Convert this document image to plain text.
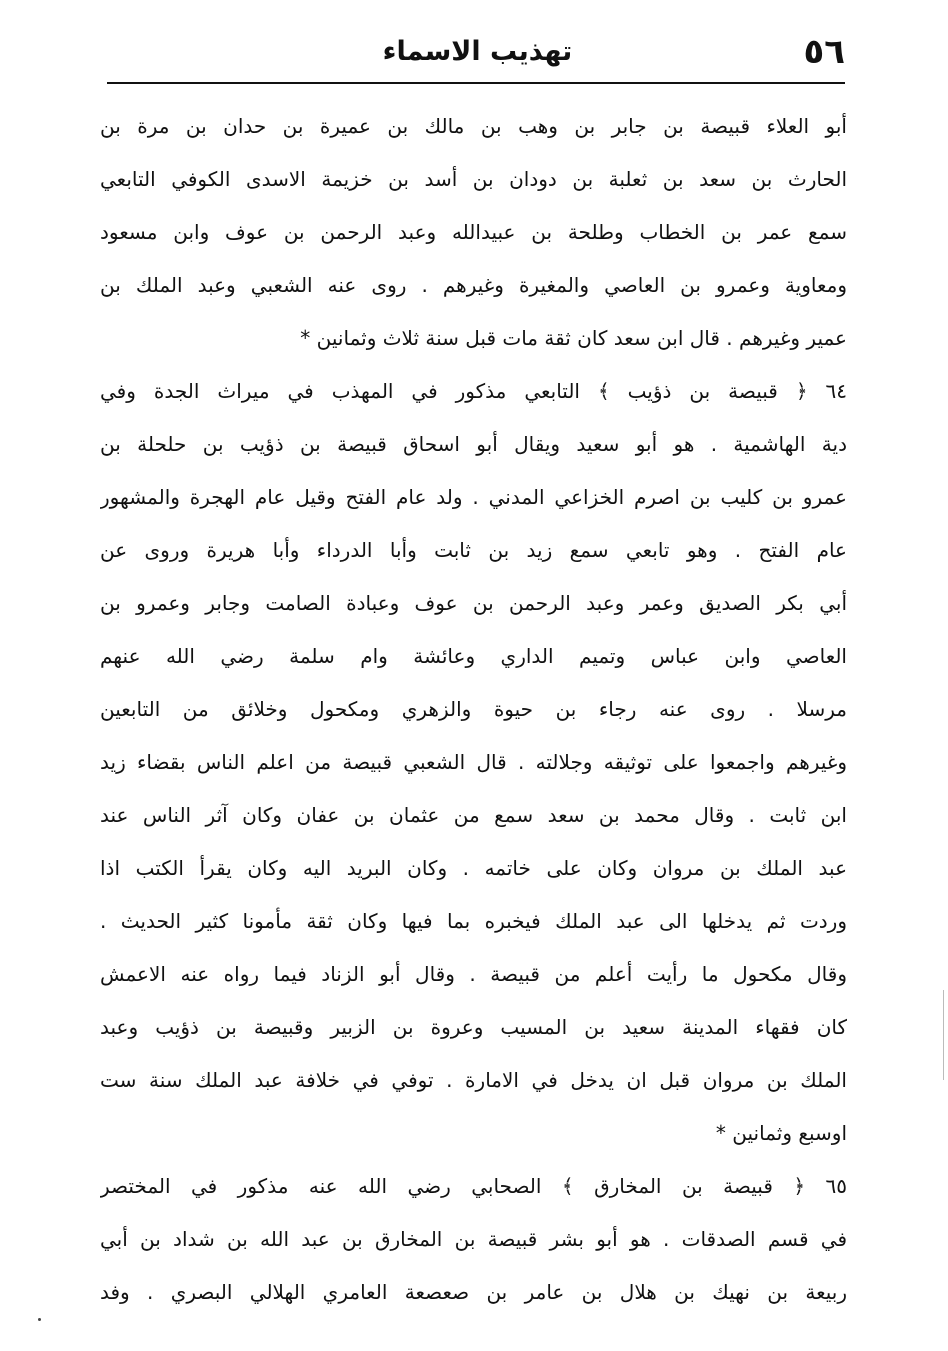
٥٦
تهذيب الاسماء
أبو العلاء قبيصة بن جابر بن وهب بن مالك بن عميرة بن حدان بن مرة بن
الحارث بن سعد بن ثعلبة بن دودان بن أسد بن خزيمة الاسدى الكوفي التابعي
سمع عمر بن الخطاب وطلحة بن عبيدالله وعبد الرحمن بن عوف وابن مسعود
ومعاوية وعمرو بن العاصي والمغيرة وغيرهم . روى عنه الشعبي وعبد الملك بن
عمير وغيرهم . قال ابن سعد كان ثقة مات قبل سنة ثلاث وثمانين *
٦٤ ﴿ قبيصة بن ذؤيب ﴾ التابعي مذكور في المهذب في ميراث الجدة وفي
دية الهاشمية . هو أبو سعيد ويقال أبو اسحاق قبيصة بن ذؤيب بن حلحلة بن
عمرو بن كليب بن اصرم الخزاعي المدني . ولد عام الفتح وقيل عام الهجرة والمشهور
عام الفتح . وهو تابعي سمع زيد بن ثابت وأبا الدرداء وأبا هريرة وروى عن
أبي بكر الصديق وعمر وعبد الرحمن بن عوف وعبادة الصامت وجابر وعمرو بن
العاصي وابن عباس وتميم الداري وعائشة وام سلمة رضي الله عنهم
مرسلا . روى عنه رجاء بن حيوة والزهري ومكحول وخلائق من التابعين
وغيرهم واجمعوا على توثيقه وجلالته . قال الشعبي قبيصة من اعلم الناس بقضاء زيد
ابن ثابت . وقال محمد بن سعد سمع من عثمان بن عفان وكان آثر الناس عند
عبد الملك بن مروان وكان على خاتمه . وكان البريد اليه وكان يقرأ الكتب اذا
وردت ثم يدخلها الى عبد الملك فيخبره بما فيها وكان ثقة مأمونا كثير الحديث .
وقال مكحول ما رأيت أعلم من قبيصة . وقال أبو الزناد فيما رواه عنه الاعمش
كان فقهاء المدينة سعيد بن المسيب وعروة بن الزبير وقبيصة بن ذؤيب وعبد
الملك بن مروان قبل ان يدخل في الامارة . توفي في خلافة عبد الملك سنة ست
اوسبع وثمانين *
٦٥ ﴿ قبيصة بن المخارق ﴾ الصحابي رضي الله عنه مذكور في المختصر
في قسم الصدقات . هو أبو بشر قبيصة بن المخارق بن عبد الله بن شداد بن أبي
ربيعة بن نهيك بن هلال بن عامر بن صعصعة العامري الهلالي البصري . وفد
